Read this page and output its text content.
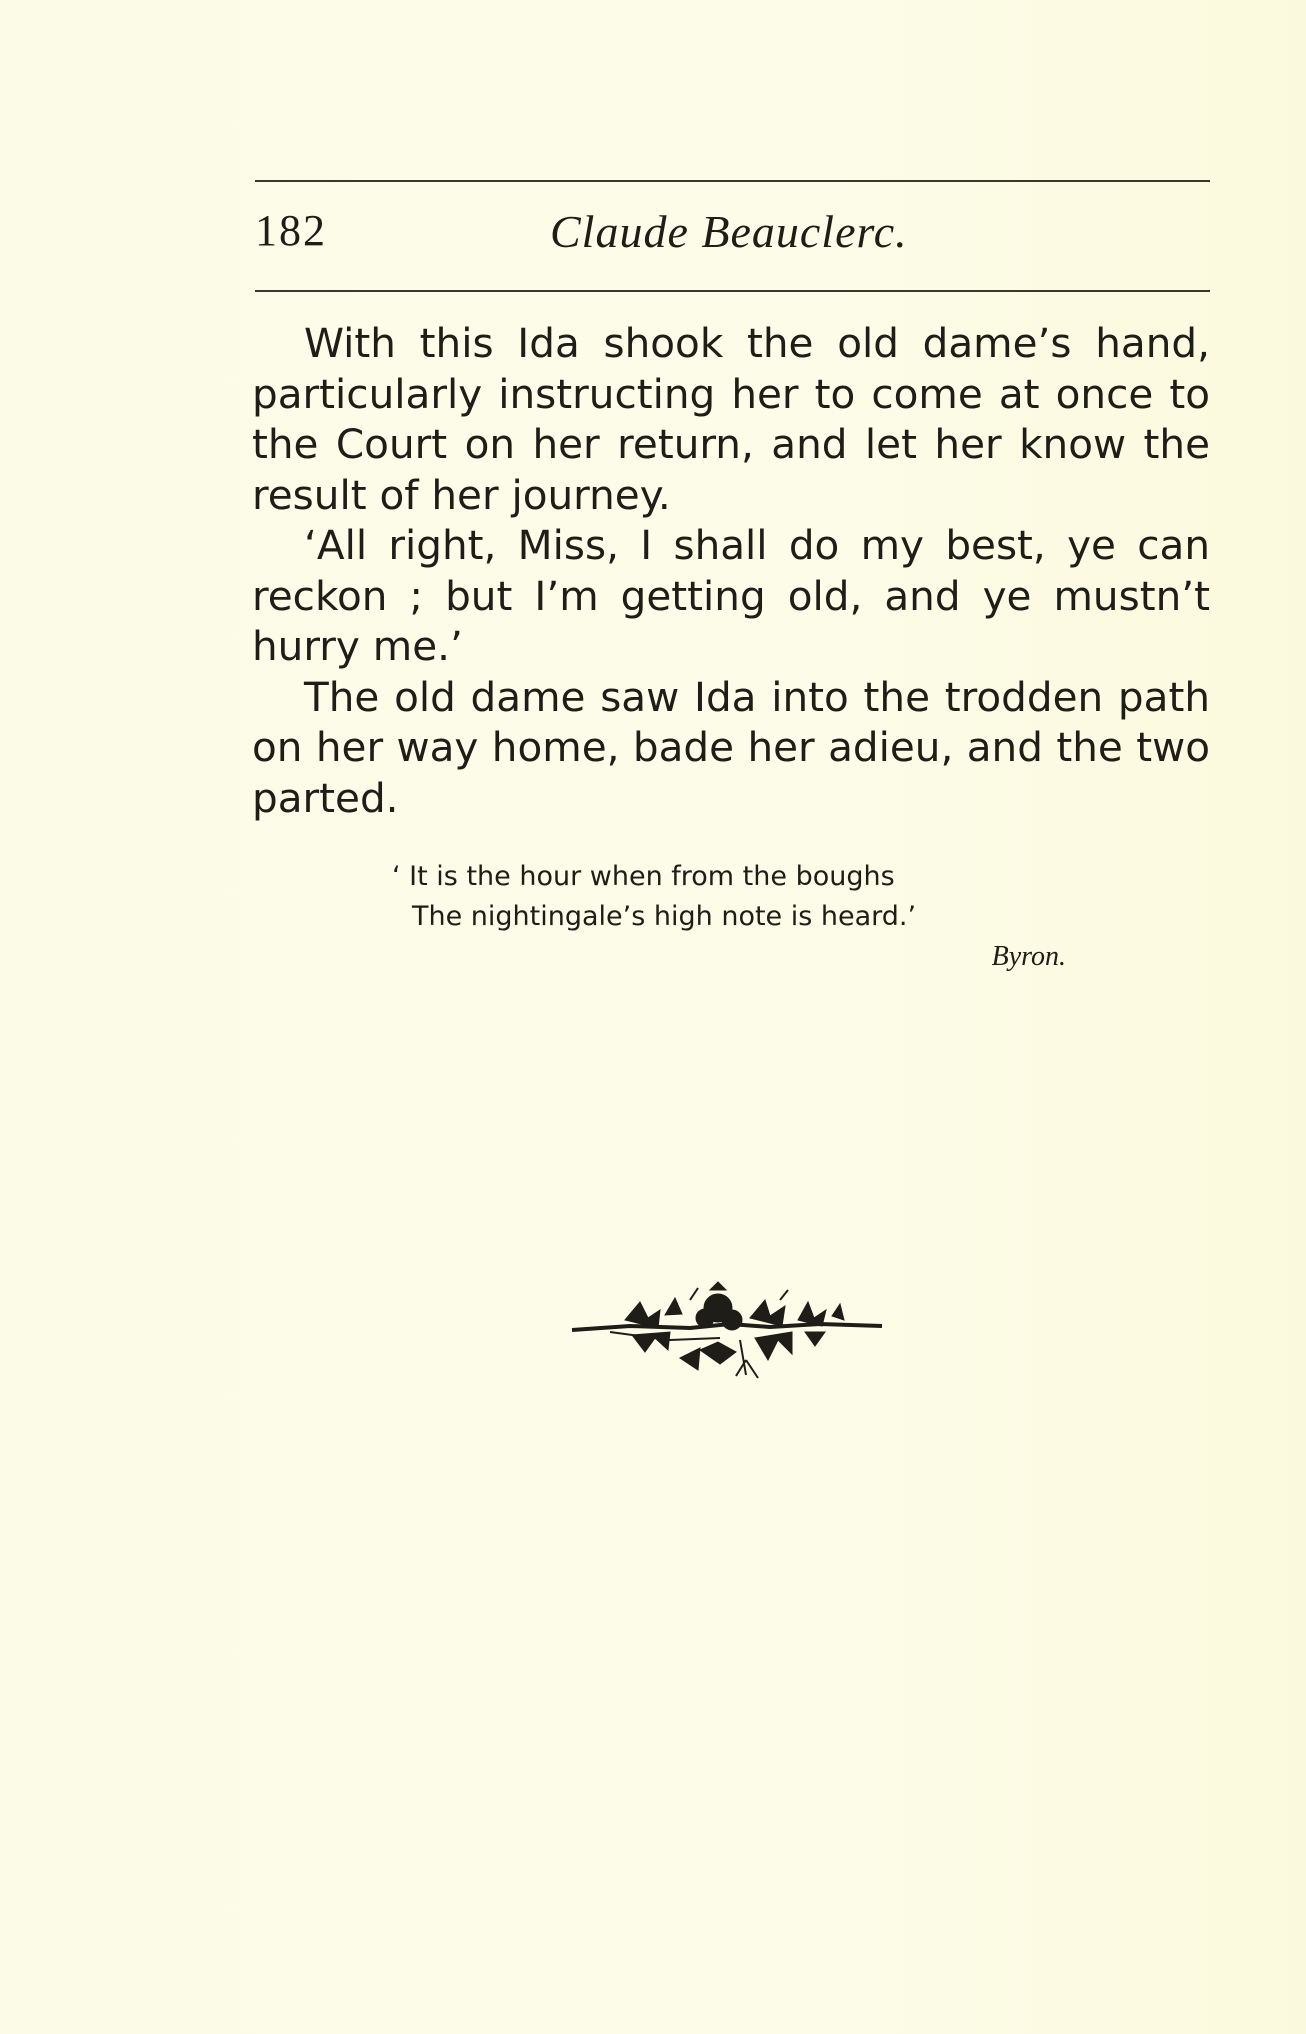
182	Claude Beauclerc.

With this Ida shook the old dame’s hand, particularly instructing her to come at once to the Court on her return, and let her know the result of her journey.

‘All right, Miss, I shall do my best, ye can reckon ; but I’m getting old, and ye mustn’t hurry me.’

The old dame saw Ida into the trodden path on her way home, bade her adieu, and the two parted.

‘ It is the hour when from the boughs
The nightingale’s high note is heard.’
Byron.
